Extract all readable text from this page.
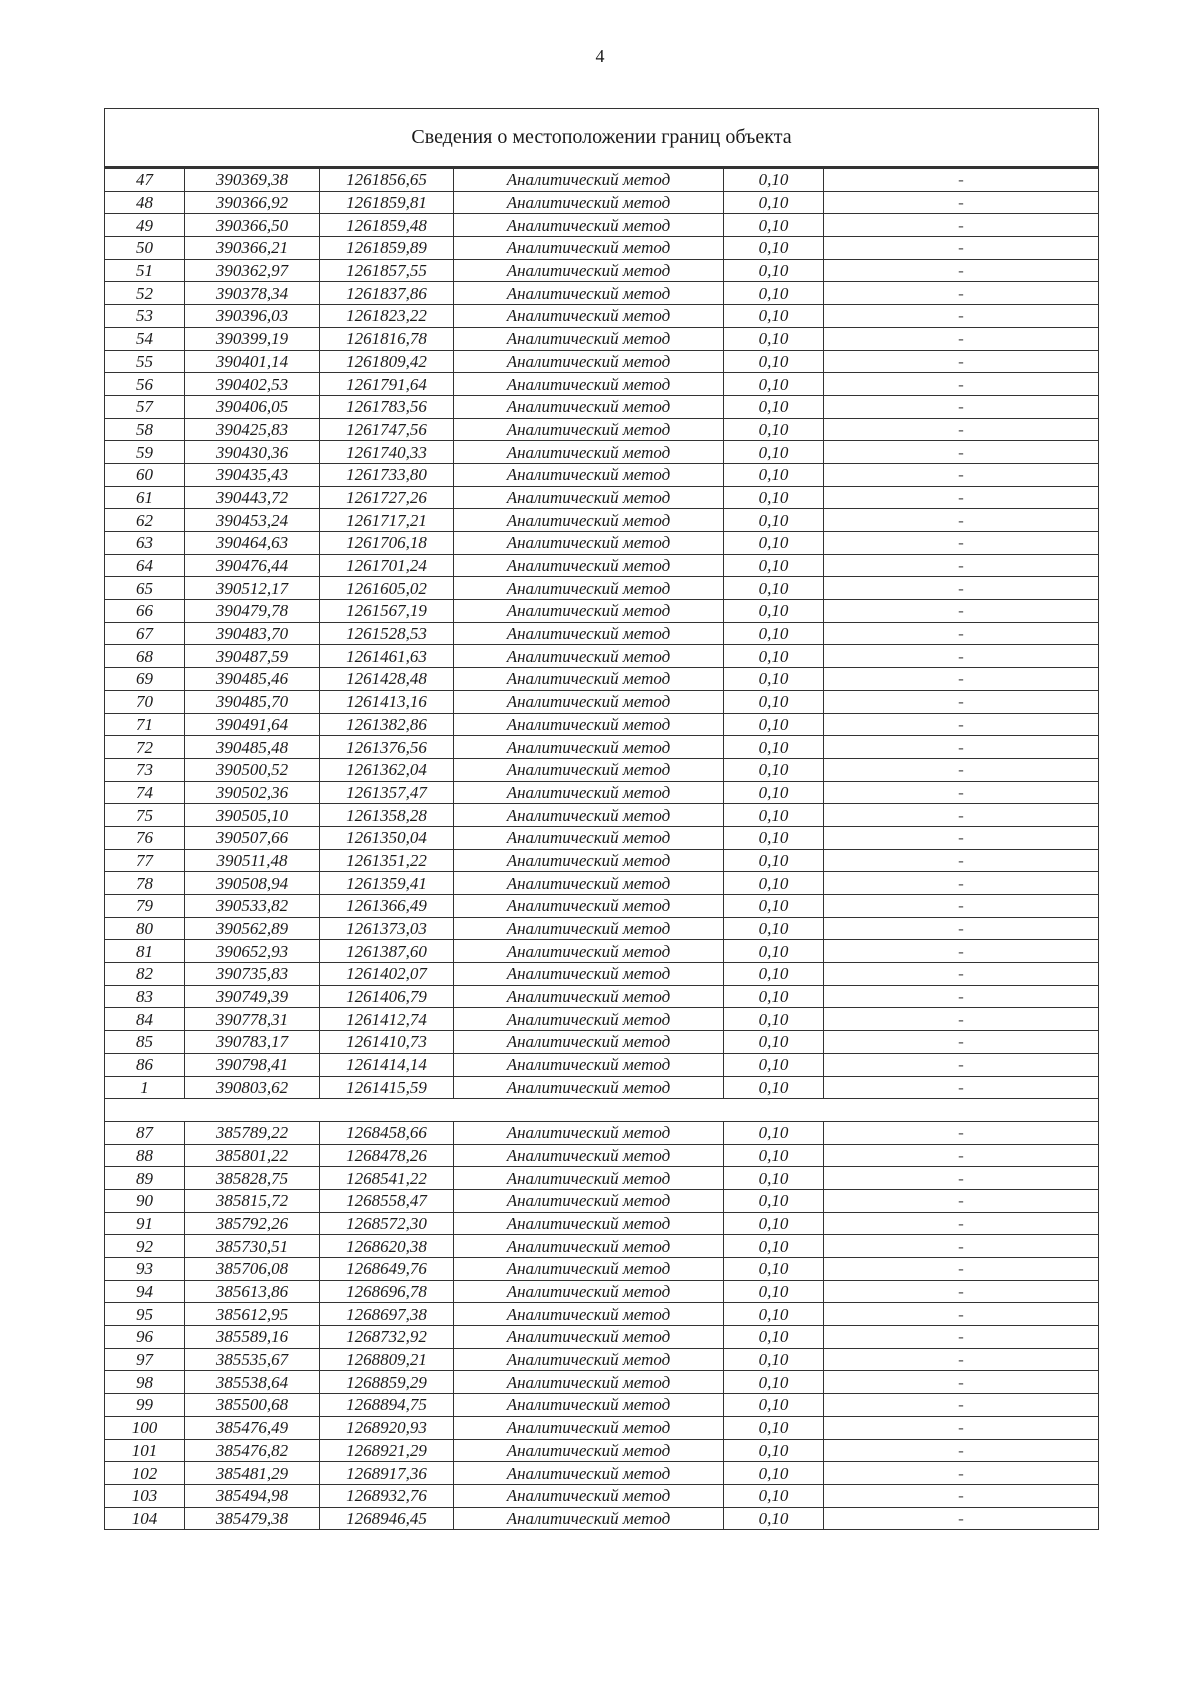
4
Сведения о местоположении границ объекта					
47	390369,38	1261856,65	Аналитический метод	0,10	-
48	390366,92	1261859,81	Аналитический метод	0,10	-
49	390366,50	1261859,48	Аналитический метод	0,10	-
50	390366,21	1261859,89	Аналитический метод	0,10	-
51	390362,97	1261857,55	Аналитический метод	0,10	-
52	390378,34	1261837,86	Аналитический метод	0,10	-
53	390396,03	1261823,22	Аналитический метод	0,10	-
54	390399,19	1261816,78	Аналитический метод	0,10	-
55	390401,14	1261809,42	Аналитический метод	0,10	-
56	390402,53	1261791,64	Аналитический метод	0,10	-
57	390406,05	1261783,56	Аналитический метод	0,10	-
58	390425,83	1261747,56	Аналитический метод	0,10	-
59	390430,36	1261740,33	Аналитический метод	0,10	-
60	390435,43	1261733,80	Аналитический метод	0,10	-
61	390443,72	1261727,26	Аналитический метод	0,10	-
62	390453,24	1261717,21	Аналитический метод	0,10	-
63	390464,63	1261706,18	Аналитический метод	0,10	-
64	390476,44	1261701,24	Аналитический метод	0,10	-
65	390512,17	1261605,02	Аналитический метод	0,10	-
66	390479,78	1261567,19	Аналитический метод	0,10	-
67	390483,70	1261528,53	Аналитический метод	0,10	-
68	390487,59	1261461,63	Аналитический метод	0,10	-
69	390485,46	1261428,48	Аналитический метод	0,10	-
70	390485,70	1261413,16	Аналитический метод	0,10	-
71	390491,64	1261382,86	Аналитический метод	0,10	-
72	390485,48	1261376,56	Аналитический метод	0,10	-
73	390500,52	1261362,04	Аналитический метод	0,10	-
74	390502,36	1261357,47	Аналитический метод	0,10	-
75	390505,10	1261358,28	Аналитический метод	0,10	-
76	390507,66	1261350,04	Аналитический метод	0,10	-
77	390511,48	1261351,22	Аналитический метод	0,10	-
78	390508,94	1261359,41	Аналитический метод	0,10	-
79	390533,82	1261366,49	Аналитический метод	0,10	-
80	390562,89	1261373,03	Аналитический метод	0,10	-
81	390652,93	1261387,60	Аналитический метод	0,10	-
82	390735,83	1261402,07	Аналитический метод	0,10	-
83	390749,39	1261406,79	Аналитический метод	0,10	-
84	390778,31	1261412,74	Аналитический метод	0,10	-
85	390783,17	1261410,73	Аналитический метод	0,10	-
86	390798,41	1261414,14	Аналитический метод	0,10	-
1	390803,62	1261415,59	Аналитический метод	0,10	-

87	385789,22	1268458,66	Аналитический метод	0,10	-
88	385801,22	1268478,26	Аналитический метод	0,10	-
89	385828,75	1268541,22	Аналитический метод	0,10	-
90	385815,72	1268558,47	Аналитический метод	0,10	-
91	385792,26	1268572,30	Аналитический метод	0,10	-
92	385730,51	1268620,38	Аналитический метод	0,10	-
93	385706,08	1268649,76	Аналитический метод	0,10	-
94	385613,86	1268696,78	Аналитический метод	0,10	-
95	385612,95	1268697,38	Аналитический метод	0,10	-
96	385589,16	1268732,92	Аналитический метод	0,10	-
97	385535,67	1268809,21	Аналитический метод	0,10	-
98	385538,64	1268859,29	Аналитический метод	0,10	-
99	385500,68	1268894,75	Аналитический метод	0,10	-
100	385476,49	1268920,93	Аналитический метод	0,10	-
101	385476,82	1268921,29	Аналитический метод	0,10	-
102	385481,29	1268917,36	Аналитический метод	0,10	-
103	385494,98	1268932,76	Аналитический метод	0,10	-
104	385479,38	1268946,45	Аналитический метод	0,10	-
